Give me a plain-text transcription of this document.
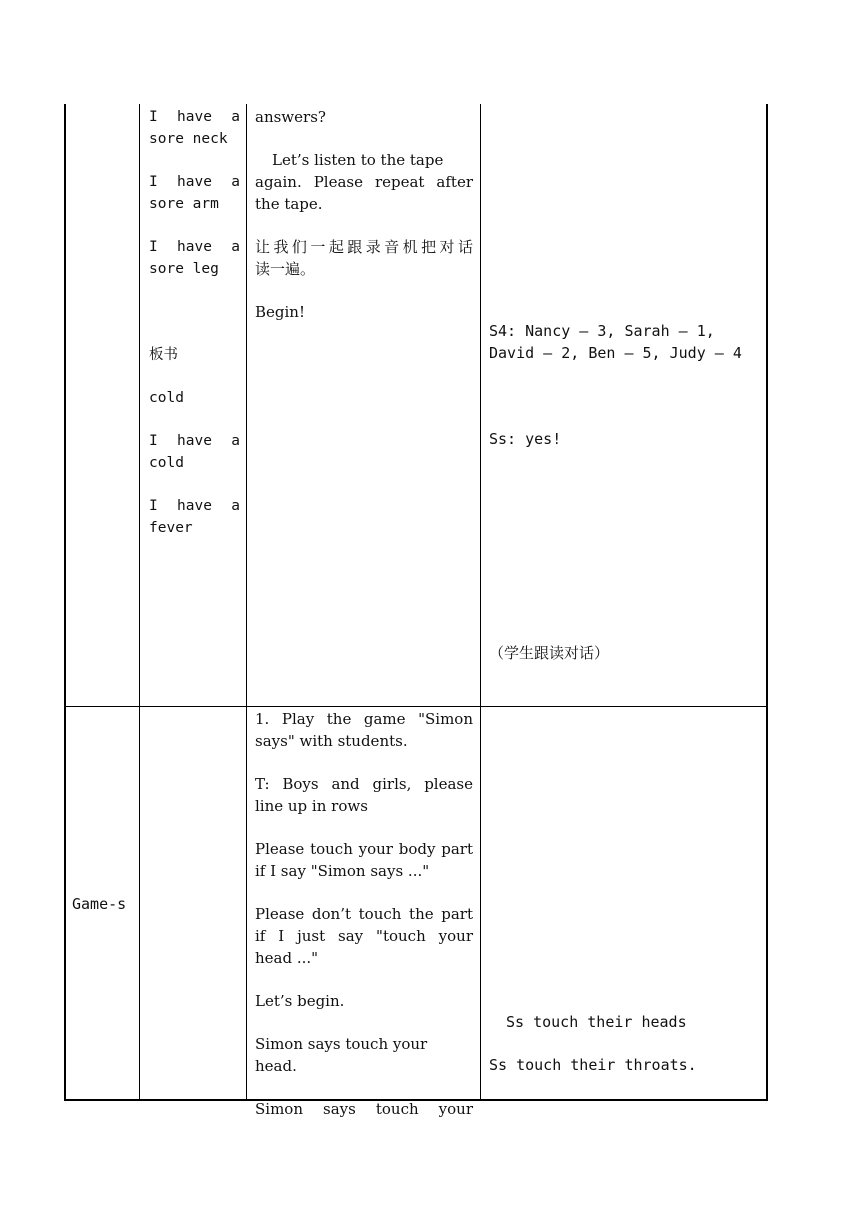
I have a
sore neck
I have a
sore arm
I have a
sore leg
板书
cold
I have a
cold
I have a
fever
answers?
Let’s listen to the tape
again. Please repeat after
the tape.
让我们一起跟录音机把对话
读一遍。
Begin!
S4: Nancy – 3, Sarah – 1,
David – 2, Ben – 5, Judy – 4
Ss: yes!
（学生跟读对话）
Game-s
1. Play the game "Simon
says" with students.
T: Boys and girls, please
line up in rows
Please touch your body part
if I say "Simon says ..."
Please don’t touch the part
if I just say "touch your
head ..."
Let’s begin.
Simon says touch your head.
Simon says touch your
Ss touch their heads
Ss touch their throats.
